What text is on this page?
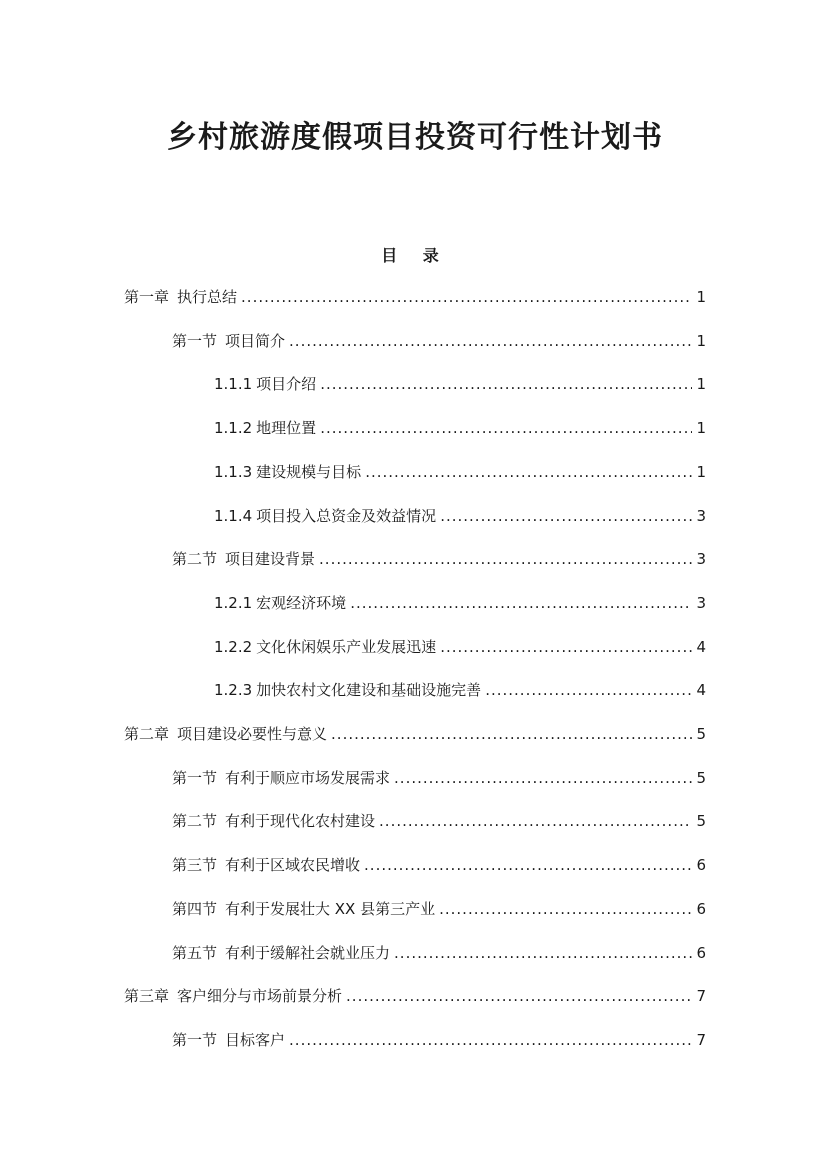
乡村旅游度假项目投资可行性计划书
目 录
第一章 执行总结 .....	1
第一节 项目简介 .....	1
1.1.1 项目介绍 .....	1
1.1.2 地理位置 .....	1
1.1.3 建设规模与目标 .....	1
1.1.4 项目投入总资金及效益情况 .....	3
第二节 项目建设背景 .....	3
1.2.1 宏观经济环境 .....	3
1.2.2 文化休闲娱乐产业发展迅速 .....	4
1.2.3 加快农村文化建设和基础设施完善 .....	4
第二章 项目建设必要性与意义 .....	5
第一节 有利于顺应市场发展需求 .....	5
第二节 有利于现代化农村建设 .....	5
第三节 有利于区域农民增收 .....	6
第四节 有利于发展壮大 XX 县第三产业 .....	6
第五节 有利于缓解社会就业压力 .....	6
第三章 客户细分与市场前景分析 .....	7
第一节 目标客户 .....	7
